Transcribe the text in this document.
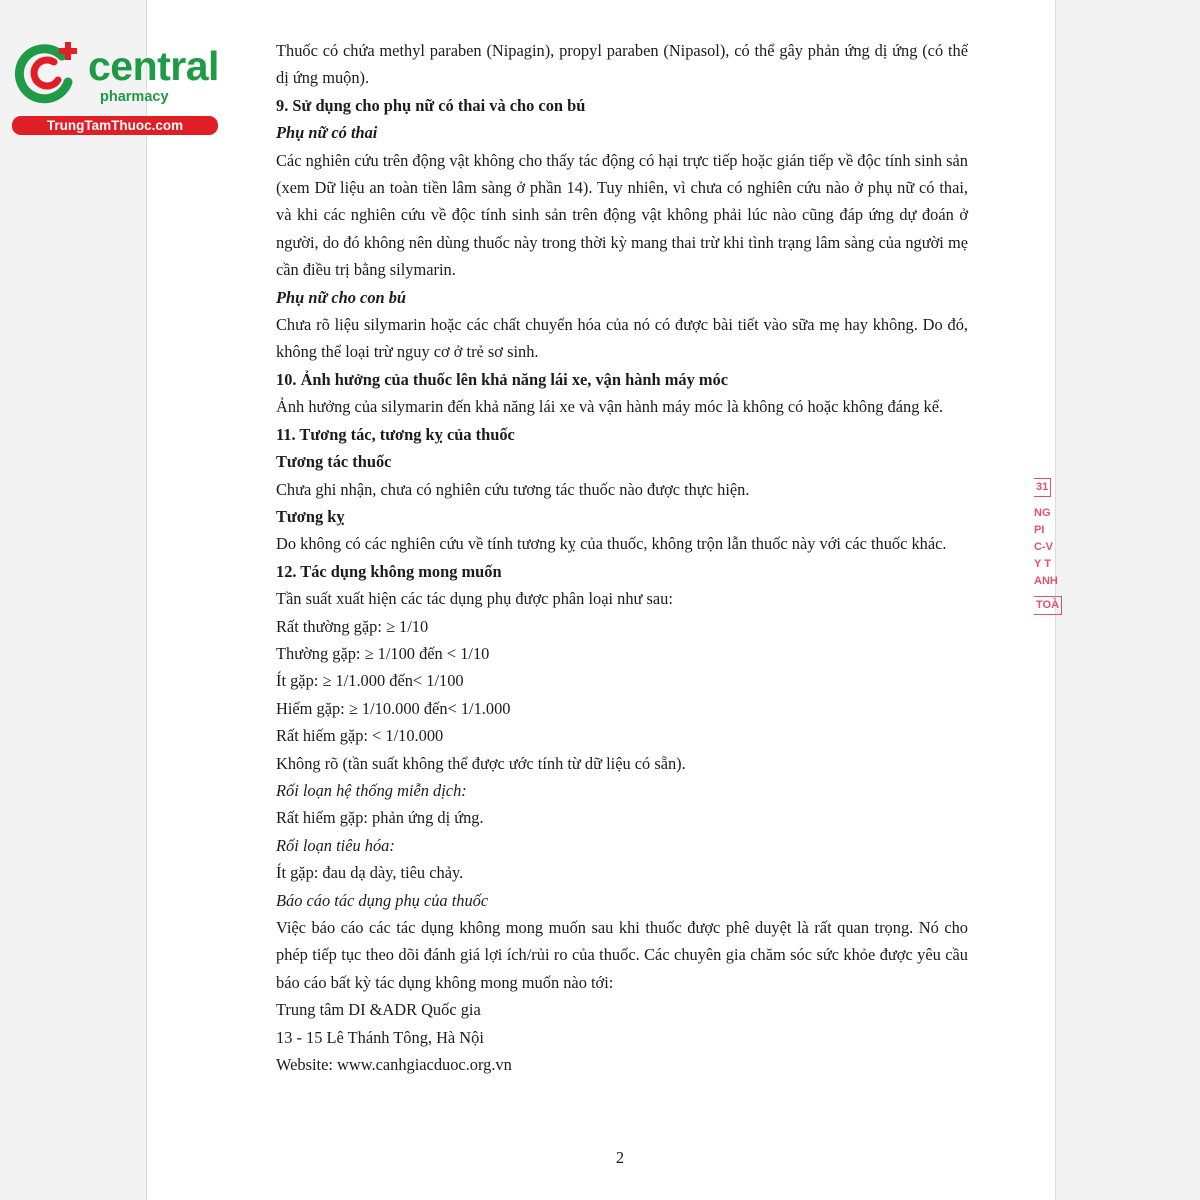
central
pharmacy
TrungTamThuoc.com

Thuốc có chứa methyl paraben (Nipagin), propyl paraben (Nipasol), có thể gây phản ứng dị ứng (có thể dị ứng muộn).

9. Sử dụng cho phụ nữ có thai và cho con bú

Phụ nữ có thai

Các nghiên cứu trên động vật không cho thấy tác động có hại trực tiếp hoặc gián tiếp về độc tính sinh sản (xem Dữ liệu an toàn tiền lâm sàng ở phần 14). Tuy nhiên, vì chưa có nghiên cứu nào ở phụ nữ có thai, và khi các nghiên cứu về độc tính sinh sản trên động vật không phải lúc nào cũng đáp ứng dự đoán ở người, do đó không nên dùng thuốc này trong thời kỳ mang thai trừ khi tình trạng lâm sàng của người mẹ cần điều trị bằng silymarin.

Phụ nữ cho con bú

Chưa rõ liệu silymarin hoặc các chất chuyển hóa của nó có được bài tiết vào sữa mẹ hay không. Do đó, không thể loại trừ nguy cơ ở trẻ sơ sinh.

10. Ảnh hưởng của thuốc lên khả năng lái xe, vận hành máy móc

Ảnh hưởng của silymarin đến khả năng lái xe và vận hành máy móc là không có hoặc không đáng kể.

11. Tương tác, tương kỵ của thuốc

Tương tác thuốc

Chưa ghi nhận, chưa có nghiên cứu tương tác thuốc nào được thực hiện.

Tương kỵ

Do không có các nghiên cứu về tính tương kỵ của thuốc, không trộn lẫn thuốc này với các thuốc khác.

12. Tác dụng không mong muốn

Tần suất xuất hiện các tác dụng phụ được phân loại như sau:

Rất thường gặp: ≥ 1/10

Thường gặp: ≥ 1/100 đến < 1/10

Ít gặp: ≥ 1/1.000 đến< 1/100

Hiếm gặp: ≥ 1/10.000 đến< 1/1.000

Rất hiếm gặp: < 1/10.000

Không rõ (tần suất không thể được ước tính từ dữ liệu có sẵn).

Rối loạn hệ thống miễn dịch:

Rất hiếm gặp: phản ứng dị ứng.

Rối loạn tiêu hóa:

Ít gặp: đau dạ dày, tiêu chảy.

Báo cáo tác dụng phụ của thuốc

Việc báo cáo các tác dụng không mong muốn sau khi thuốc được phê duyệt là rất quan trọng. Nó cho phép tiếp tục theo dõi đánh giá lợi ích/rủi ro của thuốc. Các chuyên gia chăm sóc sức khỏe được yêu cầu báo cáo bất kỳ tác dụng không mong muốn nào tới:

Trung tâm DI &ADR Quốc gia

13 - 15 Lê Thánh Tông, Hà Nội

Website: www.canhgiacduoc.org.vn

2
31
NG
PI
C-V
Y T
ANH
TOÀ
